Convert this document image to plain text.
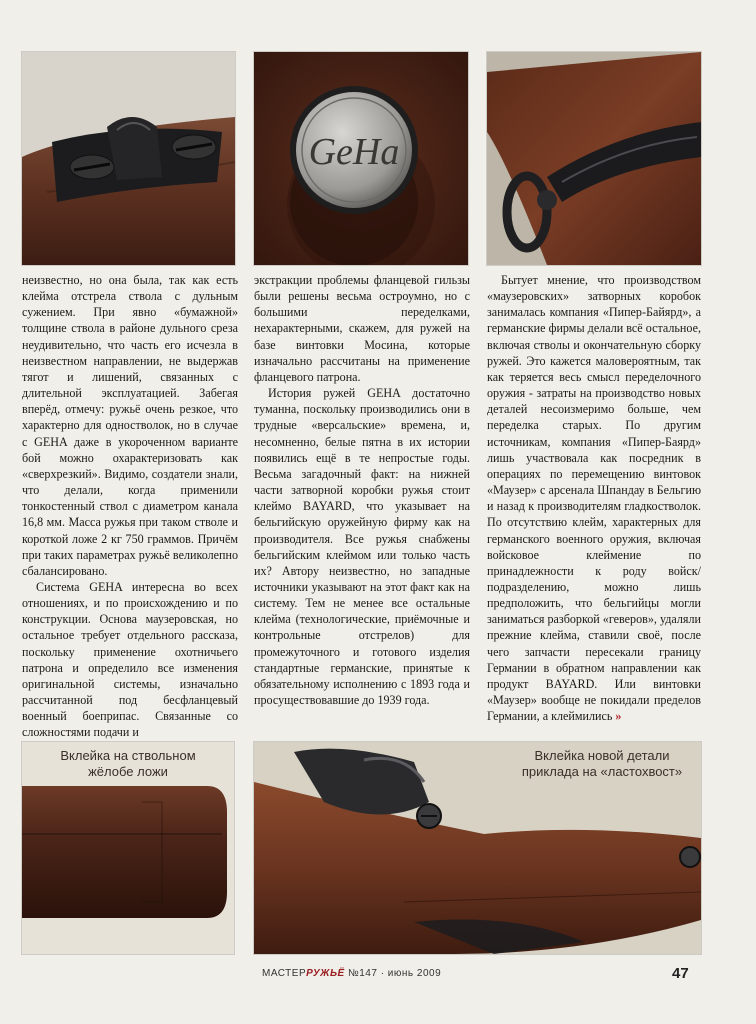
GeHa

неизвестно, но она была, так как есть клейма отстрела ствола с дульным сужением. При явно «бумажной» толщине ствола в районе дульного среза неудивительно, что часть его исчезла в неизвестном направлении, не выдержав тягот и лишений, связанных с длительной эксплуатацией. Забегая вперёд, отмечу: ружьё очень резкое, что характерно для одностволок, но в случае с GEHA даже в укороченном варианте бой можно охарактеризовать как «сверхрезкий». Видимо, создатели знали, что делали, когда применили тонкостенный ствол с диаметром канала 16,8 мм. Масса ружья при таком стволе и короткой ложе 2 кг 750 граммов. Причём при таких параметрах ружьё великолепно сбалансировано.

Система GEHA интересна во всех отношениях, и по происхождению и по конструкции. Основа маузеровская, но остальное требует отдельного рассказа, поскольку применение охотничьего патрона и определило все изменения оригинальной системы, изначально рассчитанной под бесфланцевый военный боеприпас. Связанные со сложностями подачи и

экстракции проблемы фланцевой гильзы были решены весьма остроумно, но с большими переделками, нехарактерными, скажем, для ружей на базе винтовки Мосина, которые изначально рассчитаны на применение фланцевого патрона.

История ружей GEHA достаточно туманна, поскольку производились они в трудные «версальские» времена, и, несомненно, белые пятна в их истории появились ещё в те непростые годы. Весьма загадочный факт: на нижней части затворной коробки ружья стоит клеймо BAYARD, что указывает на бельгийскую оружейную фирму как на производителя. Все ружья снабжены бельгийским клеймом или только часть их? Автору неизвестно, но западные источники указывают на этот факт как на систему. Тем не менее все остальные клейма (технологические, приёмочные и контрольные отстрелов) для промежуточного и готового изделия стандартные германские, принятые к обязательному исполнению с 1893 года и просуществовавшие до 1939 года.

Бытует мнение, что производством «маузеровских» затворных коробок занималась компания «Пипер-Байярд», а германские фирмы делали всё остальное, включая стволы и окончательную сборку ружей. Это кажется маловероятным, так как теряется весь смысл переделочного оружия - затраты на производство новых деталей несоизмеримо больше, чем переделка старых. По другим источникам, компания «Пипер-Баярд» лишь участвовала как посредник в операциях по перемещению винтовок «Маузер» с арсенала Шпандау в Бельгию и назад к производителям гладкостволок. По отсутствию клейм, характерных для германского военного оружия, включая войсковое клеймение по принадлежности к роду войск/подразделению, можно лишь предположить, что бельгийцы могли заниматься разборкой «геверов», удаляли прежние клейма, ставили своё, после чего запчасти пересекали границу Германии в обратном направлении как продукт BAYARD. Или винтовки «Маузер» вообще не покидали пределов Германии, а клеймились »

Вклейка на ствольном жёлобе ложи
Вклейка новой детали приклада на «ластохвост»
МАСТЕРРУЖЬЁ №147 · июнь 2009	47
